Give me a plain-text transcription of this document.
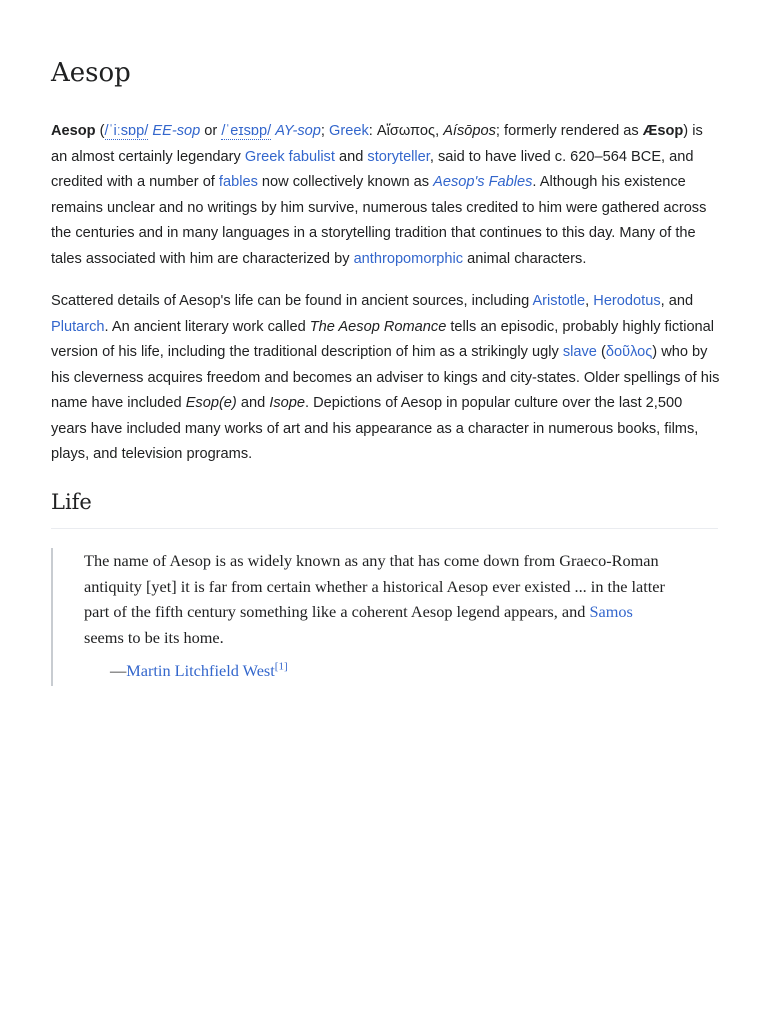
Aesop

Aesop (/ˈiːsɒp/ EE-sop or /ˈeɪsɒp/ AY-sop; Greek: Αἴσωπος, Aísōpos; formerly rendered as Æsop) is an almost certainly legendary Greek fabulist and storyteller, said to have lived c. 620–564 BCE, and credited with a number of fables now collectively known as Aesop's Fables. Although his existence remains unclear and no writings by him survive, numerous tales credited to him were gathered across the centuries and in many languages in a storytelling tradition that continues to this day. Many of the tales associated with him are characterized by anthropomorphic animal characters.

Scattered details of Aesop's life can be found in ancient sources, including Aristotle, Herodotus, and Plutarch. An ancient literary work called The Aesop Romance tells an episodic, probably highly fictional version of his life, including the traditional description of him as a strikingly ugly slave (δοῦλος) who by his cleverness acquires freedom and becomes an adviser to kings and city-states. Older spellings of his name have included Esop(e) and Isope. Depictions of Aesop in popular culture over the last 2,500 years have included many works of art and his appearance as a character in numerous books, films, plays, and television programs.

Life

The name of Aesop is as widely known as any that has come down from Graeco-Roman antiquity [yet] it is far from certain whether a historical Aesop ever existed ... in the latter part of the fifth century something like a coherent Aesop legend appears, and Samos seems to be its home.

—Martin Litchfield West[1]
